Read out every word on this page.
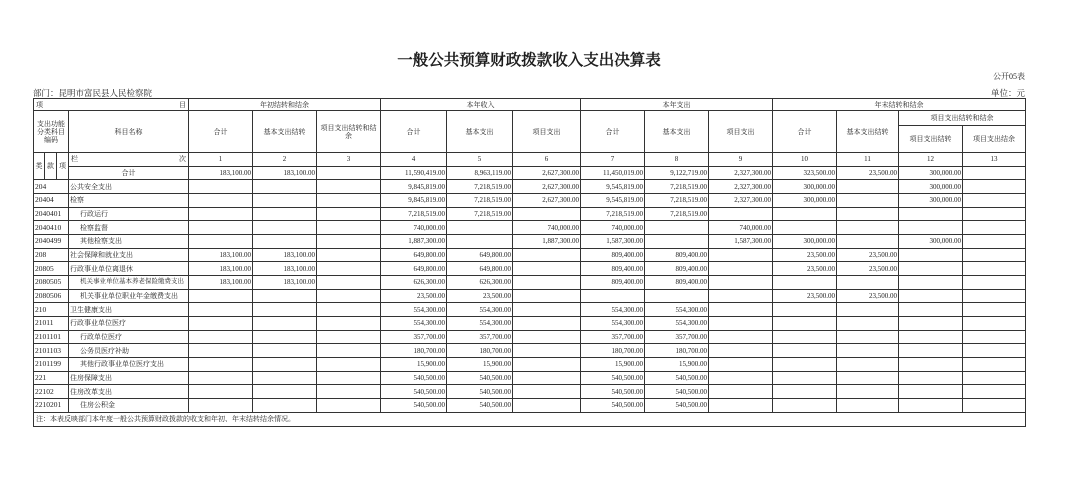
一般公共预算财政拨款收入支出决算表
公开05表
部门：昆明市富民县人民检察院	单位：元
项目				年初结转和结余			本年收入			本年支出			年末结转和结余			
支出功能分类科目编码			科目名称	合计	基本支出结转	项目支出结转和结余	合计	基本支出	项目支出	合计	基本支出	项目支出	合计	基本支出结转	项目支出结转和结余	
															项目支出结转	项目支出结余
类	款	项	栏次	1	2	3	4	5	6	7	8	9	10	11	12	13
			合计	183,100.00	183,100.00		11,590,419.00	8,963,119.00	2,627,300.00	11,450,019.00	9,122,719.00	2,327,300.00	323,500.00	23,500.00	300,000.00	
204			公共安全支出				9,845,819.00	7,218,519.00	2,627,300.00	9,545,819.00	7,218,519.00	2,327,300.00	300,000.00		300,000.00	
20404			检察				9,845,819.00	7,218,519.00	2,627,300.00	9,545,819.00	7,218,519.00	2,327,300.00	300,000.00		300,000.00	
2040401			行政运行				7,218,519.00	7,218,519.00		7,218,519.00	7,218,519.00					
2040410			检察监督				740,000.00		740,000.00	740,000.00		740,000.00				
2040499			其他检察支出				1,887,300.00		1,887,300.00	1,587,300.00		1,587,300.00	300,000.00		300,000.00	
208			社会保障和就业支出	183,100.00	183,100.00		649,800.00	649,800.00		809,400.00	809,400.00		23,500.00	23,500.00		
20805			行政事业单位离退休	183,100.00	183,100.00		649,800.00	649,800.00		809,400.00	809,400.00		23,500.00	23,500.00		
2080505			机关事业单位基本养老保险缴费支出	183,100.00	183,100.00		626,300.00	626,300.00		809,400.00	809,400.00					
2080506			机关事业单位职业年金缴费支出				23,500.00	23,500.00					23,500.00	23,500.00		
210			卫生健康支出				554,300.00	554,300.00		554,300.00	554,300.00					
21011			行政事业单位医疗				554,300.00	554,300.00		554,300.00	554,300.00					
2101101			行政单位医疗				357,700.00	357,700.00		357,700.00	357,700.00					
2101103			公务员医疗补助				180,700.00	180,700.00		180,700.00	180,700.00					
2101199			其他行政事业单位医疗支出				15,900.00	15,900.00		15,900.00	15,900.00					
221			住房保障支出				540,500.00	540,500.00		540,500.00	540,500.00					
22102			住房改革支出				540,500.00	540,500.00		540,500.00	540,500.00					
2210201			住房公积金				540,500.00	540,500.00		540,500.00	540,500.00					
注：本表反映部门本年度一般公共预算财政拨款的收支和年初、年末结转结余情况。																
